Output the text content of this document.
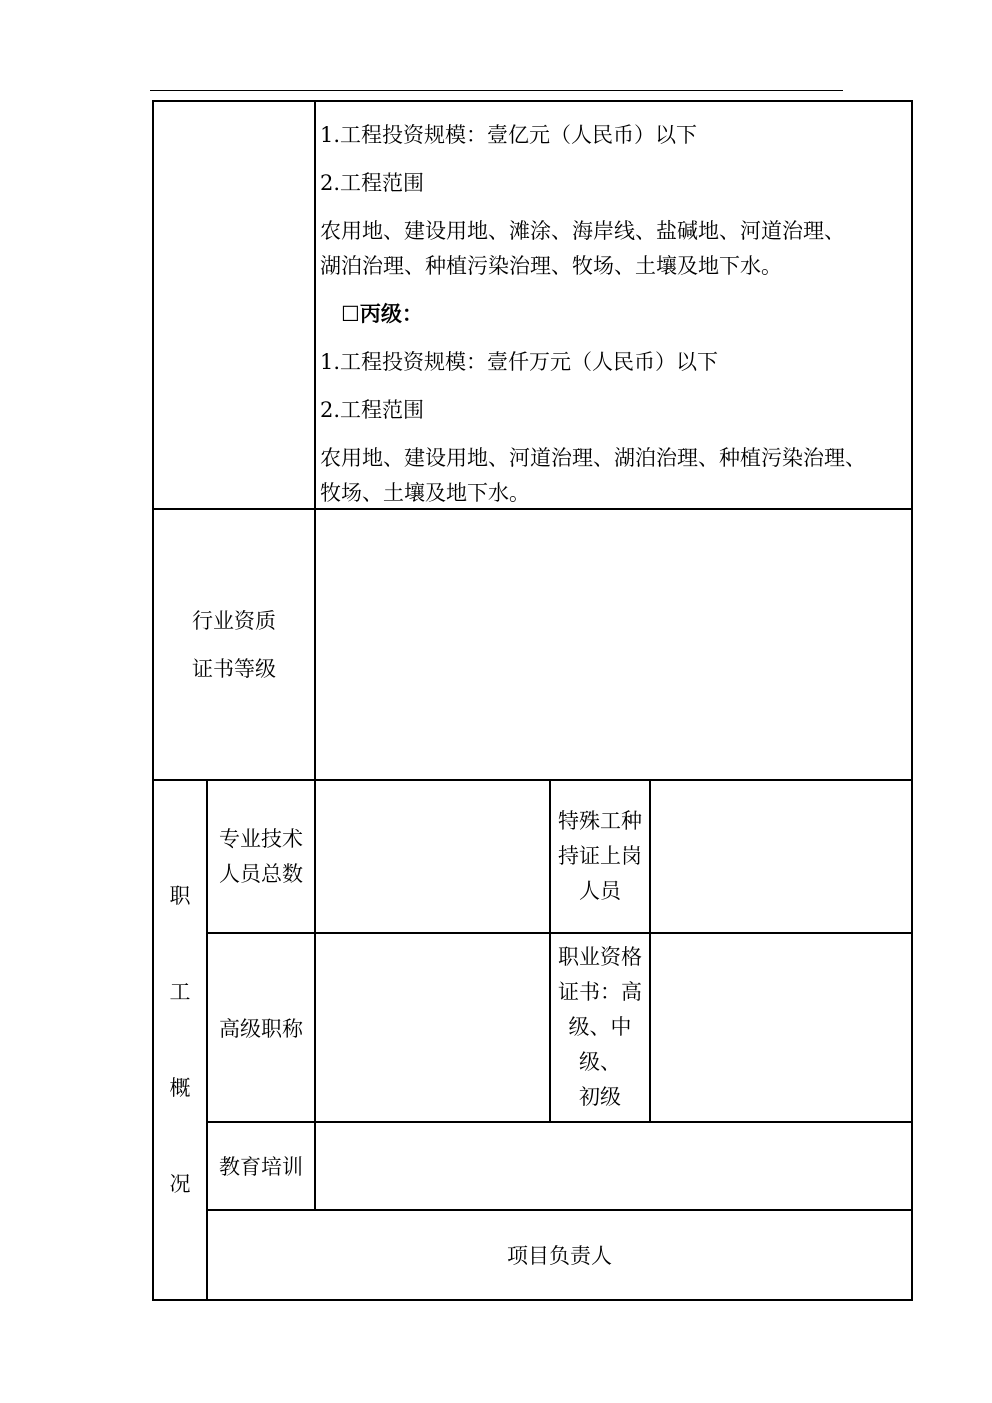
1.工程投资规模：壹亿元（人民币）以下
2.工程范围
农用地、建设用地、滩涂、海岸线、盐碱地、河道治理、
湖泊治理、种植污染治理、牧场、土壤及地下水。
☐丙级：
1.工程投资规模：壹仟万元（人民币）以下
2.工程范围
农用地、建设用地、河道治理、湖泊治理、种植污染治理、
牧场、土壤及地下水。
行业资质
证书等级
职
工
概
况
专业技术
人员总数
特殊工种
持证上岗
人员
高级职称
职业资格
证书：高
级、中级、
初级
教育培训
项目负责人
